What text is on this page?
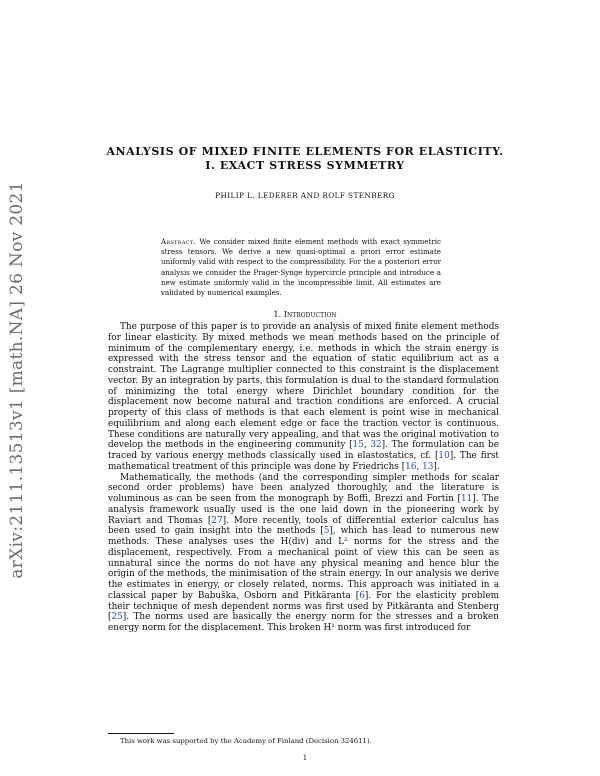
arXiv:2111.13513v1 [math.NA] 26 Nov 2021
ANALYSIS OF MIXED FINITE ELEMENTS FOR ELASTICITY.
I. EXACT STRESS SYMMETRY
PHILIP L. LEDERER AND ROLF STENBERG
Abstract. We consider mixed finite element methods with exact symmetric stress tensors. We derive a new quasi-optimal a priori error estimate uniformly valid with respect to the compressibility. For the a posteriori error analysis we consider the Prager-Synge hypercircle principle and introduce a new estimate uniformly valid in the incompressible limit. All estimates are validated by numerical examples.
1. Introduction

The purpose of this paper is to provide an analysis of mixed finite element methods for linear elasticity. By mixed methods we mean methods based on the principle of minimum of the complementary energy, i.e. methods in which the strain energy is expressed with the stress tensor and the equation of static equilibrium act as a constraint. The Lagrange multiplier connected to this constraint is the displacement vector. By an integration by parts, this formulation is dual to the standard formulation of minimizing the total energy where Dirichlet boundary condition for the displacement now become natural and traction conditions are enforced. A crucial property of this class of methods is that each element is point wise in mechanical equilibrium and along each element edge or face the traction vector is continuous. These conditions are naturally very appealing, and that was the original motivation to develop the methods in the engineering community [15, 32]. The formulation can be traced by various energy methods classically used in elastostatics, cf. [10]. The first mathematical treatment of this principle was done by Friedrichs [16, 13].

Mathematically, the methods (and the corresponding simpler methods for scalar second order problems) have been analyzed thoroughly, and the literature is voluminous as can be seen from the monograph by Boffi, Brezzi and Fortin [11]. The analysis framework usually used is the one laid down in the pioneering work by Raviart and Thomas [27]. More recently, tools of differential exterior calculus has been used to gain insight into the methods [5], which has lead to numerous new methods. These analyses uses the H(div) and L² norms for the stress and the displacement, respectively. From a mechanical point of view this can be seen as unnatural since the norms do not have any physical meaning and hence blur the origin of the methods, the minimisation of the strain energy. In our analysis we derive the estimates in energy, or closely related, norms. This approach was initiated in a classical paper by Babuška, Osborn and Pitkäranta [6]. For the elasticity problem their technique of mesh dependent norms was first used by Pitkäranta and Stenberg [25]. The norms used are basically the energy norm for the stresses and a broken energy norm for the displacement. This broken H¹ norm was first introduced for

This work was supported by the Academy of Finland (Decision 324611).
1
